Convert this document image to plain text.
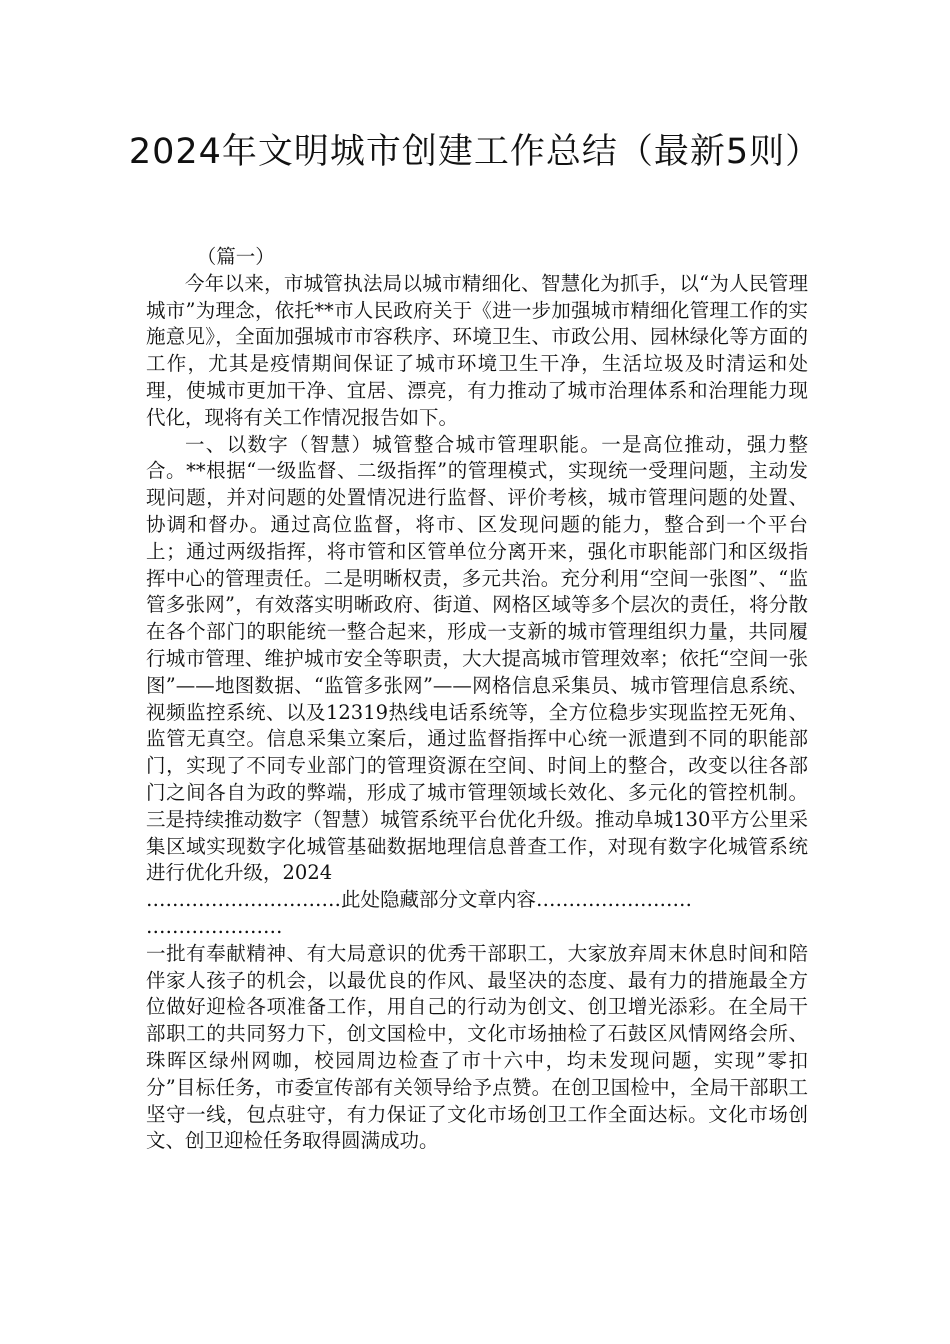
2024年文明城市创建工作总结（最新5则）

（篇一）

今年以来，市城管执法局以城市精细化、智慧化为抓手，以“为人民管理城市”为理念，依托**市人民政府关于《进一步加强城市精细化管理工作的实施意见》，全面加强城市市容秩序、环境卫生、市政公用、园林绿化等方面的工作，尤其是疫情期间保证了城市环境卫生干净，生活垃圾及时清运和处理，使城市更加干净、宜居、漂亮，有力推动了城市治理体系和治理能力现代化，现将有关工作情况报告如下。

一、以数字（智慧）城管整合城市管理职能。一是高位推动，强力整合。**根据“一级监督、二级指挥”的管理模式，实现统一受理问题，主动发现问题，并对问题的处置情况进行监督、评价考核，城市管理问题的处置、协调和督办。通过高位监督，将市、区发现问题的能力，整合到一个平台上；通过两级指挥，将市管和区管单位分离开来，强化市职能部门和区级指挥中心的管理责任。二是明晰权责，多元共治。充分利用“空间一张图”、“监管多张网”，有效落实明晰政府、街道、网格区域等多个层次的责任，将分散在各个部门的职能统一整合起来，形成一支新的城市管理组织力量，共同履行城市管理、维护城市安全等职责，大大提高城市管理效率；依托“空间一张图”——地图数据、“监管多张网”——网格信息采集员、城市管理信息系统、视频监控系统、以及12319热线电话系统等，全方位稳步实现监控无死角、监管无真空。信息采集立案后，通过监督指挥中心统一派遣到不同的职能部门，实现了不同专业部门的管理资源在空间、时间上的整合，改变以往各部门之间各自为政的弊端，形成了城市管理领域长效化、多元化的管控机制。三是持续推动数字（智慧）城管系统平台优化升级。推动阜城130平方公里采集区域实现数字化城管基础数据地理信息普查工作，对现有数字化城管系统进行优化升级，2024

…………………………此处隐藏部分文章内容……………………

…………………

一批有奉献精神、有大局意识的优秀干部职工，大家放弃周末休息时间和陪伴家人孩子的机会，以最优良的作风、最坚决的态度、最有力的措施最全方位做好迎检各项准备工作，用自己的行动为创文、创卫增光添彩。在全局干部职工的共同努力下，创文国检中，文化市场抽检了石鼓区风情网络会所、珠晖区绿州网咖，校园周边检查了市十六中，均未发现问题，实现”零扣分”目标任务，市委宣传部有关领导给予点赞。在创卫国检中，全局干部职工坚守一线，包点驻守，有力保证了文化市场创卫工作全面达标。文化市场创文、创卫迎检任务取得圆满成功。
